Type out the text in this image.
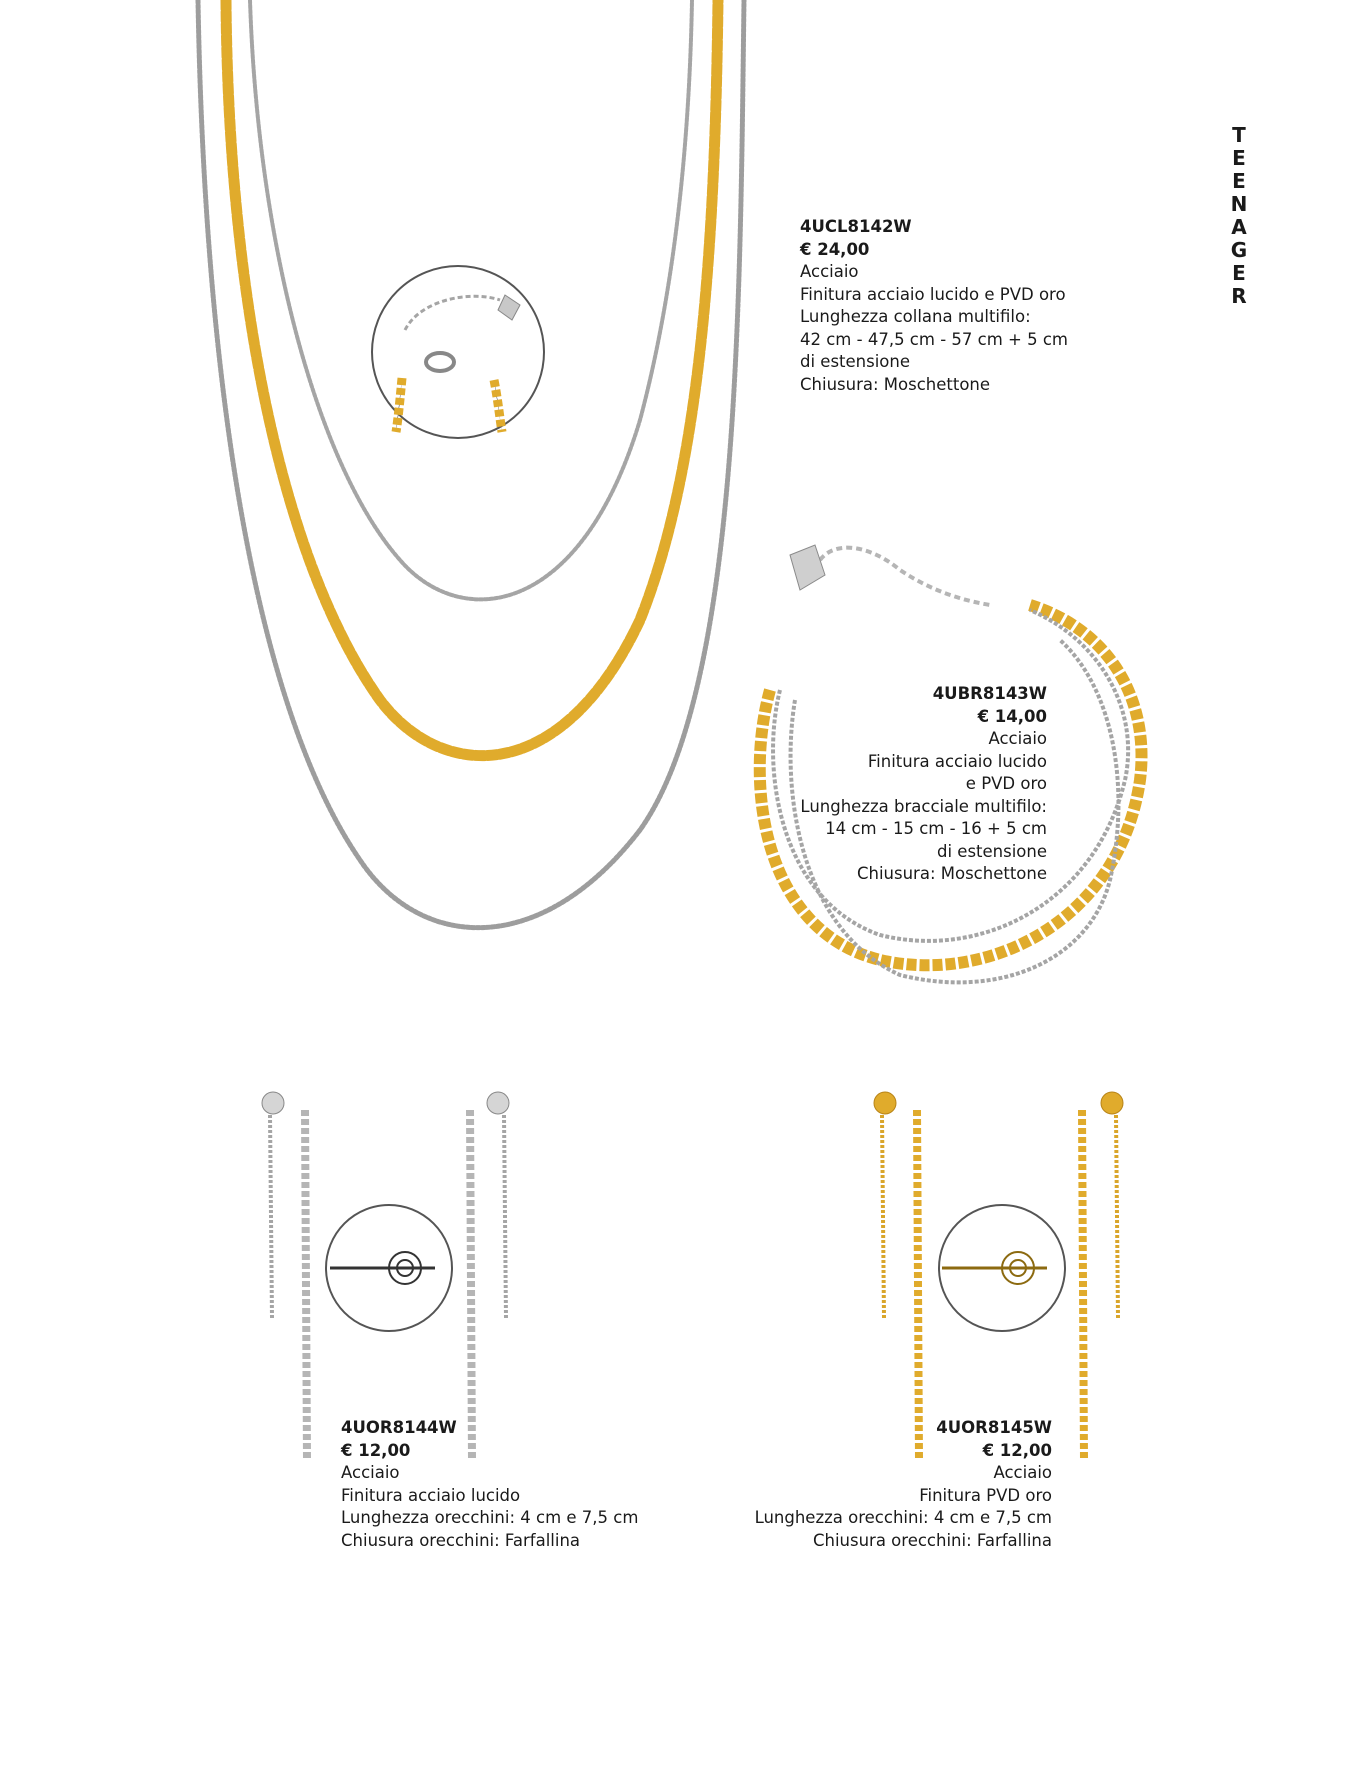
T
E
E
N
A
G
E
R
4UCL8142W
€ 24,00
Acciaio
Finitura acciaio lucido e PVD oro
Lunghezza collana multifilo:
42 cm - 47,5 cm - 57 cm + 5 cm
di estensione
Chiusura: Moschettone
4UBR8143W
€ 14,00
Acciaio
Finitura acciaio lucido
e PVD oro
Lunghezza bracciale multifilo:
14 cm - 15 cm - 16 + 5 cm
di estensione
Chiusura: Moschettone
4UOR8144W
€ 12,00
Acciaio
Finitura acciaio lucido
Lunghezza orecchini: 4 cm e 7,5 cm
Chiusura orecchini: Farfallina
4UOR8145W
€ 12,00
Acciaio
Finitura PVD oro
Lunghezza orecchini: 4 cm e 7,5 cm
Chiusura orecchini: Farfallina
